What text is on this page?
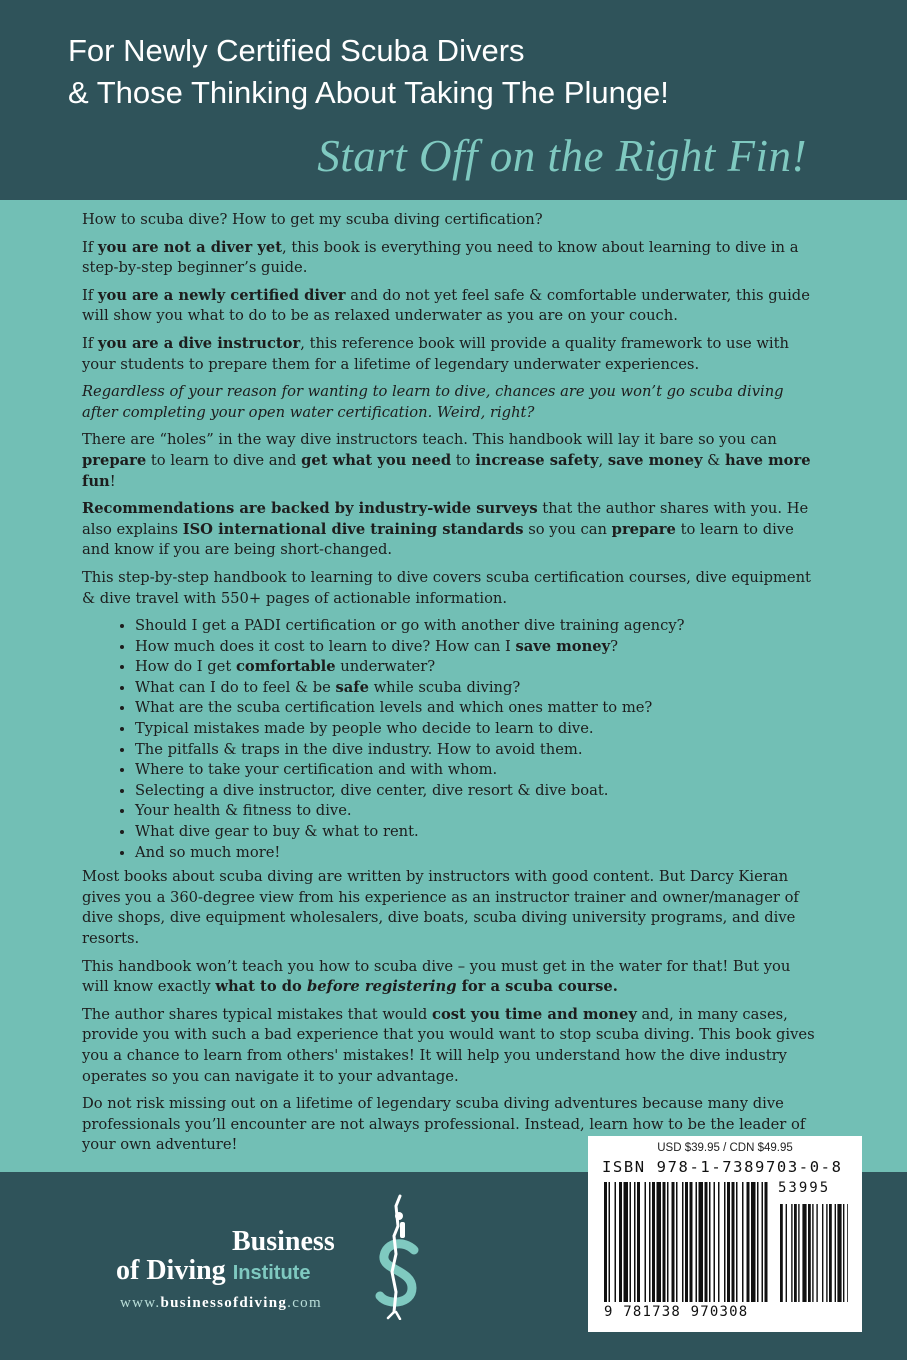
For Newly Certified Scuba Divers
& Those Thinking About Taking The Plunge!
Start Off on the Right Fin!

How to scuba dive? How to get my scuba diving certification?

If you are not a diver yet, this book is everything you need to know about learning to dive in a step-by-step beginner’s guide.

If you are a newly certified diver and do not yet feel safe & comfortable underwater, this guide will show you what to do to be as relaxed underwater as you are on your couch.

If you are a dive instructor, this reference book will provide a quality framework to use with your students to prepare them for a lifetime of legendary underwater experiences.

Regardless of your reason for wanting to learn to dive, chances are you won’t go scuba diving after completing your open water certification. Weird, right?

There are “holes” in the way dive instructors teach. This handbook will lay it bare so you can prepare to learn to dive and get what you need to increase safety, save money & have more fun!

Recommendations are backed by industry-wide surveys that the author shares with you. He also explains ISO international dive training standards so you can prepare to learn to dive and know if you are being short-changed.

This step-by-step handbook to learning to dive covers scuba certification courses, dive equipment & dive travel with 550+ pages of actionable information.

• Should I get a PADI certification or go with another dive training agency?
• How much does it cost to learn to dive? How can I save money?
• How do I get comfortable underwater?
• What can I do to feel & be safe while scuba diving?
• What are the scuba certification levels and which ones matter to me?
• Typical mistakes made by people who decide to learn to dive.
• The pitfalls & traps in the dive industry. How to avoid them.
• Where to take your certification and with whom.
• Selecting a dive instructor, dive center, dive resort & dive boat.
• Your health & fitness to dive.
• What dive gear to buy & what to rent.
• And so much more!

Most books about scuba diving are written by instructors with good content. But Darcy Kieran gives you a 360-degree view from his experience as an instructor trainer and owner/manager of dive shops, dive equipment wholesalers, dive boats, scuba diving university programs, and dive resorts.

This handbook won’t teach you how to scuba dive – you must get in the water for that! But you will know exactly what to do before registering for a scuba course.

The author shares typical mistakes that would cost you time and money and, in many cases, provide you with such a bad experience that you would want to stop scuba diving. This book gives you a chance to learn from others' mistakes! It will help you understand how the dive industry operates so you can navigate it to your advantage.

Do not risk missing out on a lifetime of legendary scuba diving adventures because many dive professionals you’ll encounter are not always professional. Instead, learn how to be the leader of your own adventure!

Business
of Diving Institute
www.businessofdiving.com
USD $39.95 / CDN $49.95
ISBN 978-1-7389703-0-8
53995
9 781738 970308
